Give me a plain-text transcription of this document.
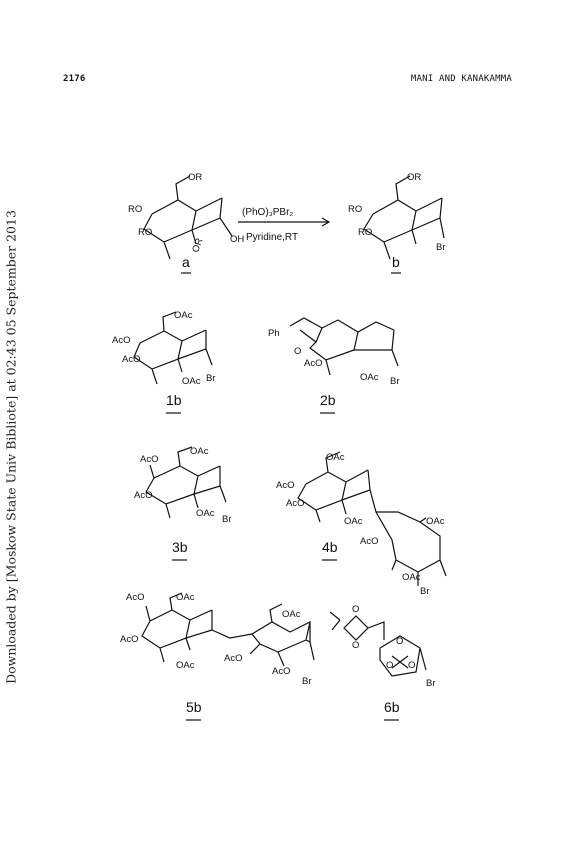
2176	MANI AND KANAKAMMA
Downloaded by [Moskow State Univ Bibliote] at 02:43 05 September 2013
RO
RO
OR
OR	OH
a
(PhO)₃PBr₂
Pyridine,RT
RO
RO
OR
Br
b
AcO
AcO
OAc
OAc Br
1b
Ph
O
AcO
OAc Br
2b
AcO
AcO
OAc
OAc
Br
3b
AcO
AcO
OAc
OAc	OAc
AcO
OAc
Br
4b
AcO
AcO
OAc
OAc
AcO
AcO
OAc
Br
5b
O
O	O
O O
Br
6b
